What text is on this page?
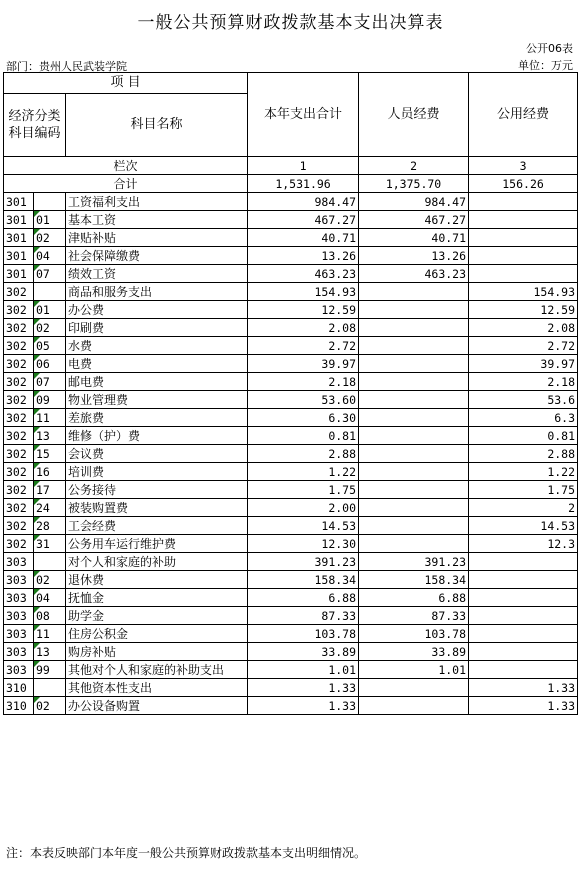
一般公共预算财政拨款基本支出决算表
公开06表
部门：贵州人民武装学院	单位：万元
项 目			本年支出合计	人员经费	公用经费
经济分类科目编码		科目名称			

栏次			1	2	3
合计			1,531.96	1,375.70	156.26
301		工资福利支出	984.47	984.47	
301	01	基本工资	467.27	467.27	
301	02	津贴补贴	40.71	40.71	
301	04	社会保障缴费	13.26	13.26	
301	07	绩效工资	463.23	463.23	
302		商品和服务支出	154.93		154.93
302	01	办公费	12.59		12.59
302	02	印刷费	2.08		2.08
302	05	水费	2.72		2.72
302	06	电费	39.97		39.97
302	07	邮电费	2.18		2.18
302	09	物业管理费	53.60		53.6
302	11	差旅费	6.30		6.3
302	13	维修（护）费	0.81		0.81
302	15	会议费	2.88		2.88
302	16	培训费	1.22		1.22
302	17	公务接待	1.75		1.75
302	24	被装购置费	2.00		2
302	28	工会经费	14.53		14.53
302	31	公务用车运行维护费	12.30		12.3
303		对个人和家庭的补助	391.23	391.23	
303	02	退休费	158.34	158.34	
303	04	抚恤金	6.88	6.88	
303	08	助学金	87.33	87.33	
303	11	住房公积金	103.78	103.78	
303	13	购房补贴	33.89	33.89	
303	99	其他对个人和家庭的补助支出	1.01	1.01	
310		其他资本性支出	1.33		1.33
310	02	办公设备购置	1.33		1.33
注：本表反映部门本年度一般公共预算财政拨款基本支出明细情况。
